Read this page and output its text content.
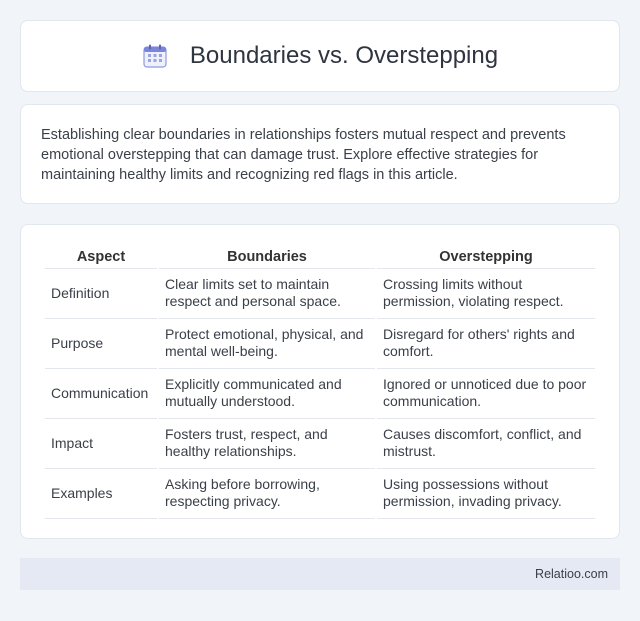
Boundaries vs. Overstepping

Establishing clear boundaries in relationships fosters mutual respect and prevents emotional overstepping that can damage trust. Explore effective strategies for maintaining healthy limits and recognizing red flags in this article.

Aspect	Boundaries	Overstepping
Definition	Clear limits set to maintain respect and personal space.	Crossing limits without permission, violating respect.
Purpose	Protect emotional, physical, and mental well-being.	Disregard for others' rights and comfort.
Communication	Explicitly communicated and mutually understood.	Ignored or unnoticed due to poor communication.
Impact	Fosters trust, respect, and healthy relationships.	Causes discomfort, conflict, and mistrust.
Examples	Asking before borrowing, respecting privacy.	Using possessions without permission, invading privacy.
Relatioo.com
